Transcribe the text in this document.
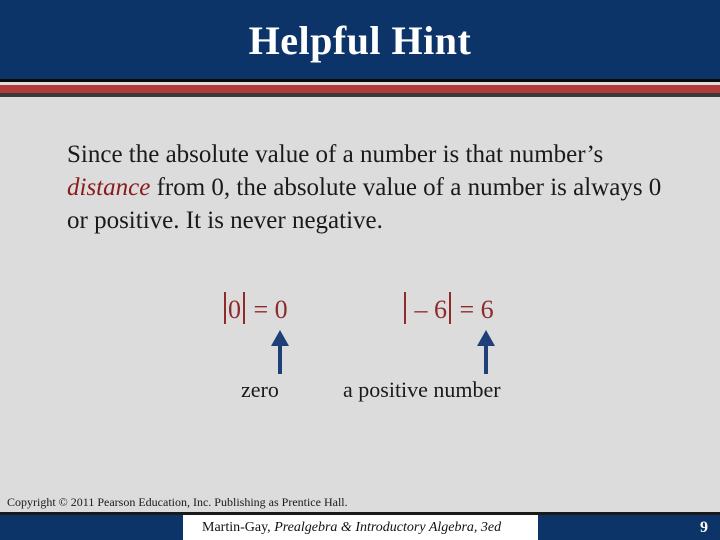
Helpful Hint
Since the absolute value of a number is that number’s
distance from 0, the absolute value of a number is always 0 or positive. It is never negative.
0 = 0	– 6 = 6
zero	a positive number
Copyright © 2011 Pearson Education, Inc. Publishing as Prentice Hall.
Martin-Gay, Prealgebra & Introductory Algebra, 3ed	9
